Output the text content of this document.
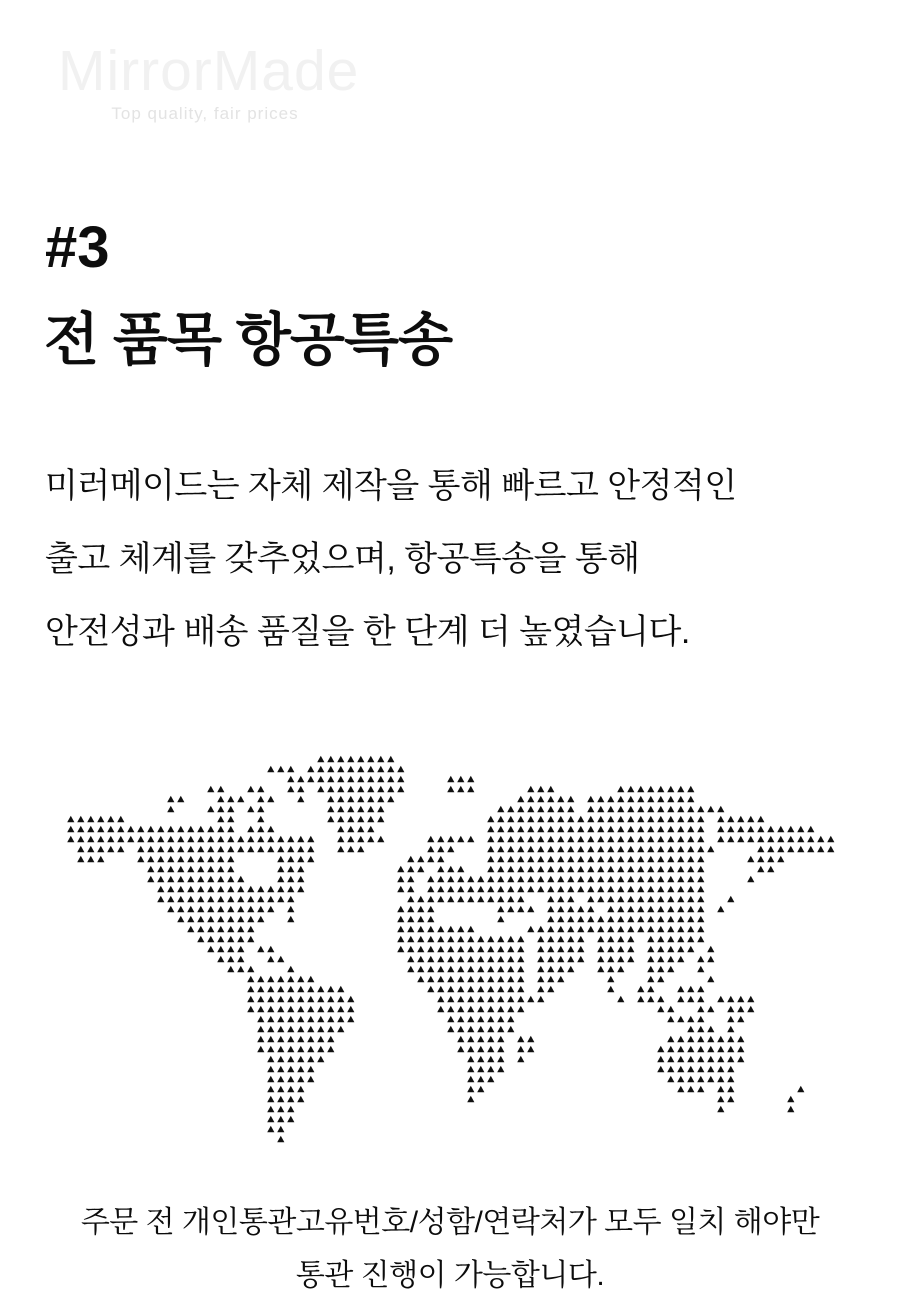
MirrorMade
Top quality, fair prices
#3
전 품목 항공특송
미러메이드는 자체 제작을 통해 빠르고 안정적인
출고 체계를 갖추었으며, 항공특송을 통해
안전성과 배송 품질을 한 단계 더 높였습니다.
주문 전 개인통관고유번호/성함/연락처가 모두 일치 해야만
통관 진행이 가능합니다.
